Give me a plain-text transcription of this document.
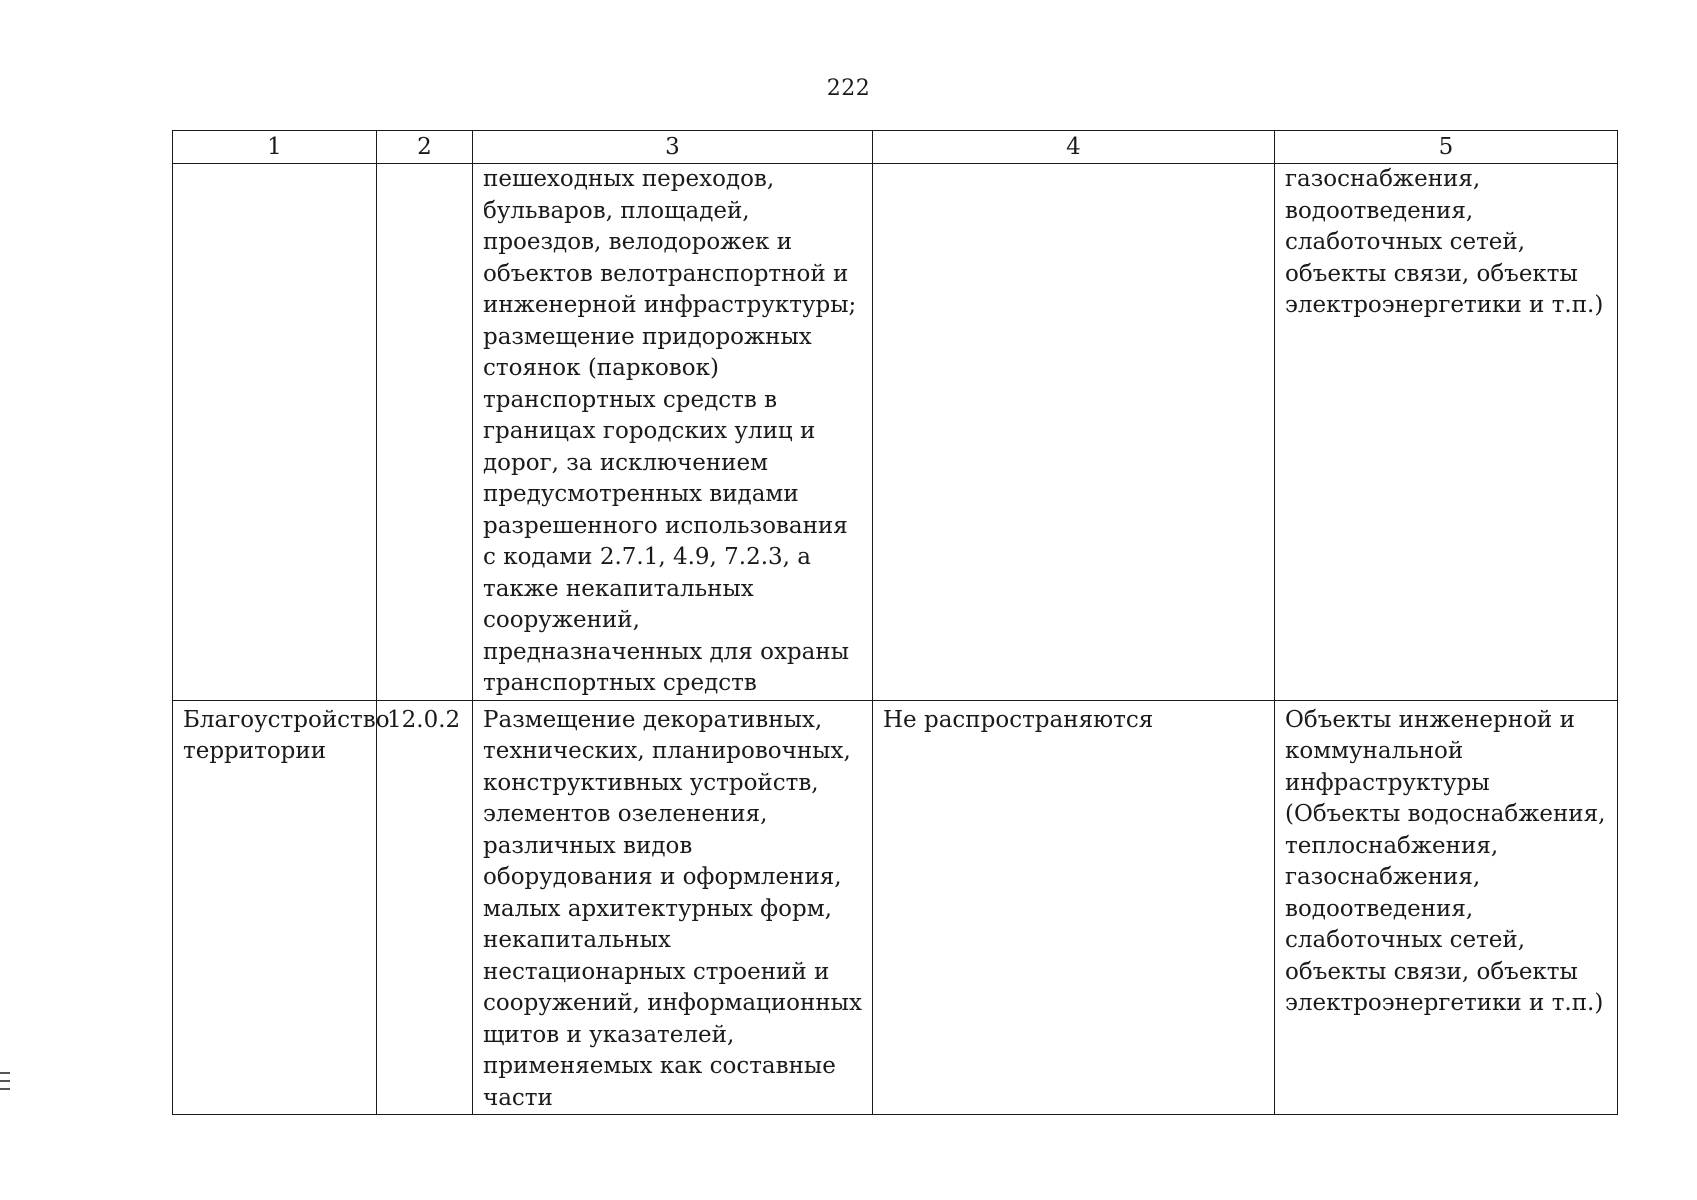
222
1	2	3	4	5

		пешеходных переходов, бульваров, площадей, проездов, велодорожек и объектов велотранспортной и инженерной инфраструктуры; размещение придорожных стоянок (парковок) транспортных средств в границах городских улиц и дорог, за исключением предусмотренных видами разрешенного использования с кодами 2.7.1, 4.9, 7.2.3, а также некапитальных сооружений, предназначенных для охраны транспортных средств		газоснабжения, водоотведения, слаботочных сетей, объекты связи, объекты электроэнергетики и т.п.)

Благоустройство территории	12.0.2	Размещение декоративных, технических, планировочных, конструктивных устройств, элементов озеленения, различных видов оборудования и оформления, малых архитектурных форм, некапитальных нестационарных строений и сооружений, информационных щитов и указателей, применяемых как составные части	Не распространяются	Объекты инженерной и коммунальной инфраструктуры (Объекты водоснабжения, теплоснабжения, газоснабжения, водоотведения, слаботочных сетей, объекты связи, объекты электроэнергетики и т.п.)
